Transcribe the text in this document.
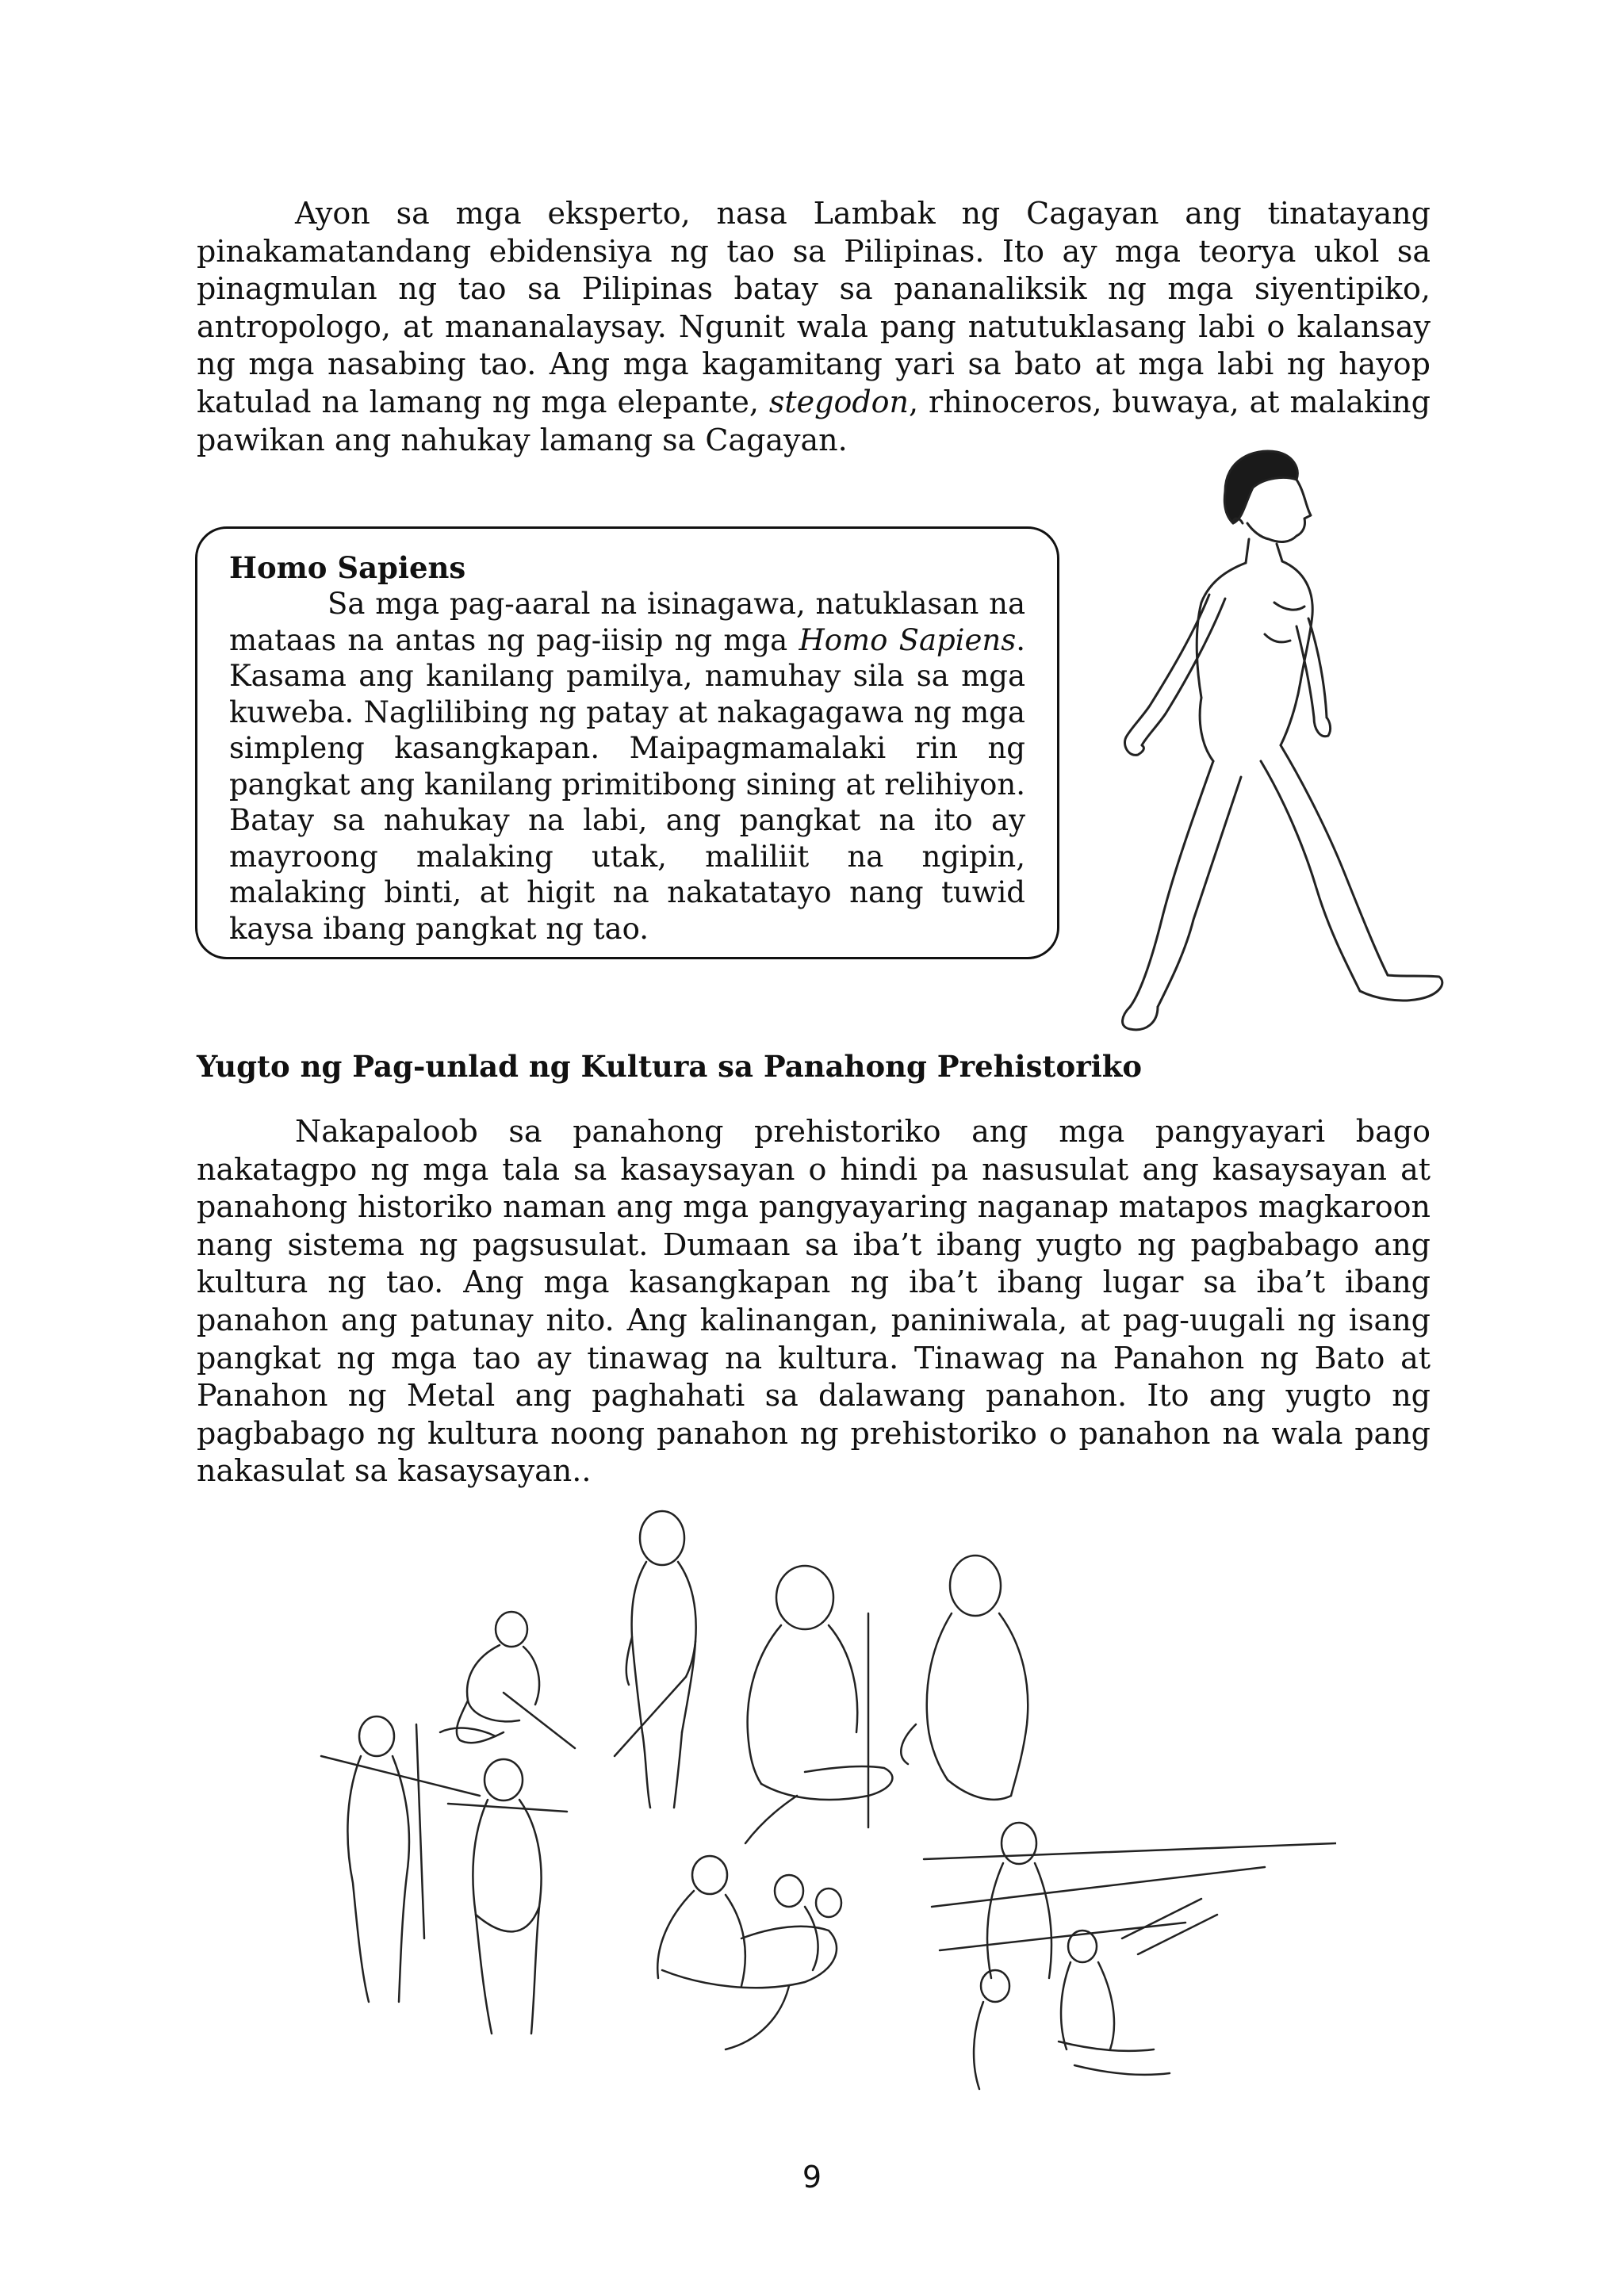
Ayon sa mga eksperto, nasa Lambak ng Cagayan ang tinatayang pinakamatandang ebidensiya ng tao sa Pilipinas. Ito ay mga teorya ukol sa pinagmulan ng tao sa Pilipinas batay sa pananaliksik ng mga siyentipiko, antropologo, at mananalaysay. Ngunit wala pang natutuklasang labi o kalansay ng mga nasabing tao. Ang mga kagamitang yari sa bato at mga labi ng hayop katulad na lamang ng mga elepante, stegodon, rhinoceros, buwaya, at malaking pawikan ang nahukay lamang sa Cagayan.

Homo Sapiens

Sa mga pag-aaral na isinagawa, natuklasan na mataas na antas ng pag-iisip ng mga Homo Sapiens. Kasama ang kanilang pamilya, namuhay sila sa mga kuweba. Naglilibing ng patay at nakagagawa ng mga simpleng kasangkapan. Maipagmamalaki rin ng pangkat ang kanilang primitibong sining at relihiyon. Batay sa nahukay na labi, ang pangkat na ito ay mayroong malaking utak, maliliit na ngipin, malaking binti, at higit na nakatatayo nang tuwid kaysa ibang pangkat ng tao.

Yugto ng Pag-unlad ng Kultura sa Panahong Prehistoriko

Nakapaloob sa panahong prehistoriko ang mga pangyayari bago nakatagpo ng mga tala sa kasaysayan o hindi pa nasusulat ang kasaysayan at panahong historiko naman ang mga pangyayaring naganap matapos magkaroon nang sistema ng pagsusulat. Dumaan sa iba’t ibang yugto ng pagbabago ang kultura ng tao. Ang mga kasangkapan ng iba’t ibang lugar sa iba’t ibang panahon ang patunay nito. Ang kalinangan, paniniwala, at pag-uugali ng isang pangkat ng mga tao ay tinawag na kultura. Tinawag na Panahon ng Bato at Panahon ng Metal ang paghahati sa dalawang panahon. Ito ang yugto ng pagbabago ng kultura noong panahon ng prehistoriko o panahon na wala pang nakasulat sa kasaysayan..

9
